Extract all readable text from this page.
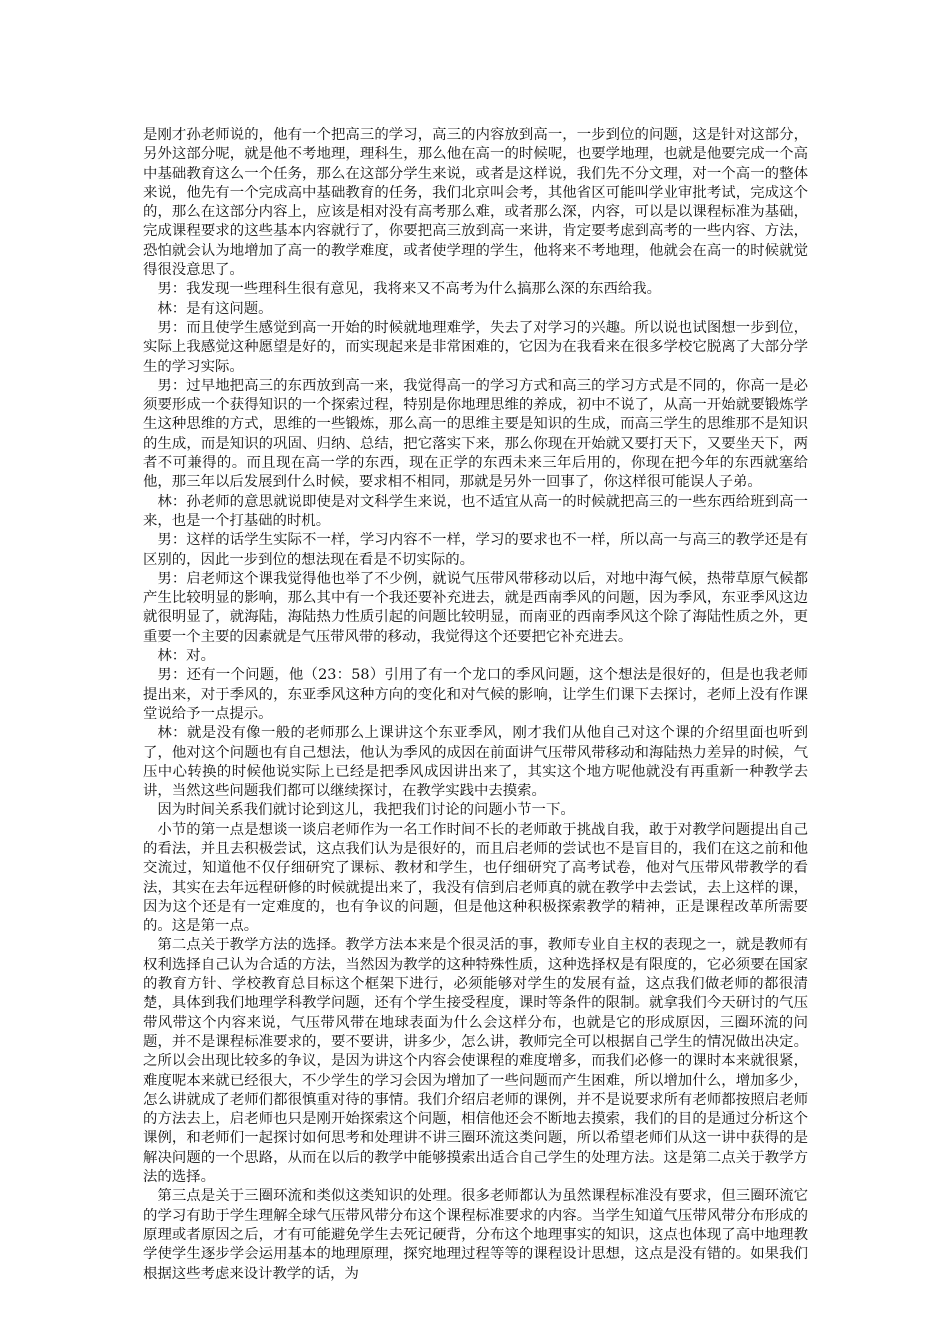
是刚才孙老师说的，他有一个把高三的学习，高三的内容放到高一，一步到位的问题，这是针对这部分，另外这部分呢，就是他不考地理，理科生，那么他在高一的时候呢，也要学地理，也就是他要完成一个高中基础教育这么一个任务，那么在这部分学生来说，或者是这样说，我们先不分文理，对一个高一的整体来说，他先有一个完成高中基础教育的任务，我们北京叫会考，其他省区可能叫学业审批考试，完成这个的，那么在这部分内容上，应该是相对没有高考那么难，或者那么深，内容，可以是以课程标准为基础，完成课程要求的这些基本内容就行了，你要把高三放到高一来讲，肯定要考虑到高考的一些内容、方法，恐怕就会认为地增加了高一的教学难度，或者使学理的学生，他将来不考地理，他就会在高一的时候就觉得很没意思了。

男：我发现一些理科生很有意见，我将来又不高考为什么搞那么深的东西给我。

林：是有这问题。

男：而且使学生感觉到高一开始的时候就地理难学，失去了对学习的兴趣。所以说也试图想一步到位，实际上我感觉这种愿望是好的，而实现起来是非常困难的，它因为在我看来在很多学校它脱离了大部分学生的学习实际。

男：过早地把高三的东西放到高一来，我觉得高一的学习方式和高三的学习方式是不同的，你高一是必须要形成一个获得知识的一个探索过程，特别是你地理思维的养成，初中不说了，从高一开始就要锻炼学生这种思维的方式，思维的一些锻炼，那么高一的思维主要是知识的生成，而高三学生的思维那不是知识的生成，而是知识的巩固、归纳、总结，把它落实下来，那么你现在开始就又要打天下，又要坐天下，两者不可兼得的。而且现在高一学的东西，现在正学的东西未来三年后用的，你现在把今年的东西就塞给他，那三年以后发展到什么时候，要求相不相同，那就是另外一回事了，你这样很可能误人子弟。

林：孙老师的意思就说即使是对文科学生来说，也不适宜从高一的时候就把高三的一些东西给班到高一来，也是一个打基础的时机。

男：这样的话学生实际不一样，学习内容不一样，学习的要求也不一样，所以高一与高三的教学还是有区别的，因此一步到位的想法现在看是不切实际的。

男：启老师这个课我觉得他也举了不少例，就说气压带风带移动以后，对地中海气候，热带草原气候都产生比较明显的影响，那么其中有一个我还要补充进去，就是西南季风的问题，因为季风，东亚季风这边就很明显了，就海陆，海陆热力性质引起的问题比较明显，而南亚的西南季风这个除了海陆性质之外，更重要一个主要的因素就是气压带风带的移动，我觉得这个还要把它补充进去。

林：对。

男：还有一个问题，他（23：58）引用了有一个龙口的季风问题，这个想法是很好的，但是也我老师提出来，对于季风的，东亚季风这种方向的变化和对气候的影响，让学生们课下去探讨，老师上没有作课堂说给予一点提示。

林：就是没有像一般的老师那么上课讲这个东亚季风，刚才我们从他自己对这个课的介绍里面也听到了，他对这个问题也有自己想法，他认为季风的成因在前面讲气压带风带移动和海陆热力差异的时候，气压中心转换的时候他说实际上已经是把季风成因讲出来了，其实这个地方呢他就没有再重新一种教学去讲，当然这些问题我们都可以继续探讨，在教学实践中去摸索。

因为时间关系我们就讨论到这儿，我把我们讨论的问题小节一下。

小节的第一点是想谈一谈启老师作为一名工作时间不长的老师敢于挑战自我，敢于对教学问题提出自己的看法，并且去积极尝试，这点我们认为是很好的，而且启老师的尝试也不是盲目的，我们在这之前和他交流过，知道他不仅仔细研究了课标、教材和学生，也仔细研究了高考试卷，他对气压带风带教学的看法，其实在去年远程研修的时候就提出来了，我没有信到启老师真的就在教学中去尝试，去上这样的课，因为这个还是有一定难度的，也有争议的问题，但是他这种积极探索教学的精神，正是课程改革所需要的。这是第一点。

第二点关于教学方法的选择。教学方法本来是个很灵活的事，教师专业自主权的表现之一，就是教师有权利选择自己认为合适的方法，当然因为教学的这种特殊性质，这种选择权是有限度的，它必须要在国家的教育方针、学校教育总目标这个框架下进行，必须能够对学生的发展有益，这点我们做老师的都很清楚，具体到我们地理学科教学问题，还有个学生接受程度，课时等条件的限制。就拿我们今天研讨的气压带风带这个内容来说，气压带风带在地球表面为什么会这样分布，也就是它的形成原因，三圈环流的问题，并不是课程标准要求的，要不要讲，讲多少，怎么讲，教师完全可以根据自己学生的情况做出决定。之所以会出现比较多的争议，是因为讲这个内容会使课程的难度增多，而我们必修一的课时本来就很紧，难度呢本来就已经很大，不少学生的学习会因为增加了一些问题而产生困难，所以增加什么，增加多少，怎么讲就成了老师们都很慎重对待的事情。我们介绍启老师的课例，并不是说要求所有老师都按照启老师的方法去上，启老师也只是刚开始探索这个问题，相信他还会不断地去摸索，我们的目的是通过分析这个课例，和老师们一起探讨如何思考和处理讲不讲三圈环流这类问题，所以希望老师们从这一讲中获得的是解决问题的一个思路，从而在以后的教学中能够摸索出适合自己学生的处理方法。这是第二点关于教学方法的选择。

第三点是关于三圈环流和类似这类知识的处理。很多老师都认为虽然课程标准没有要求，但三圈环流它的学习有助于学生理解全球气压带风带分布这个课程标准要求的内容。当学生知道气压带风带分布形成的原理或者原因之后，才有可能避免学生去死记硬背，分布这个地理事实的知识，这点也体现了高中地理教学使学生逐步学会运用基本的地理原理，探究地理过程等等的课程设计思想，这点是没有错的。如果我们根据这些考虑来设计教学的话，为
